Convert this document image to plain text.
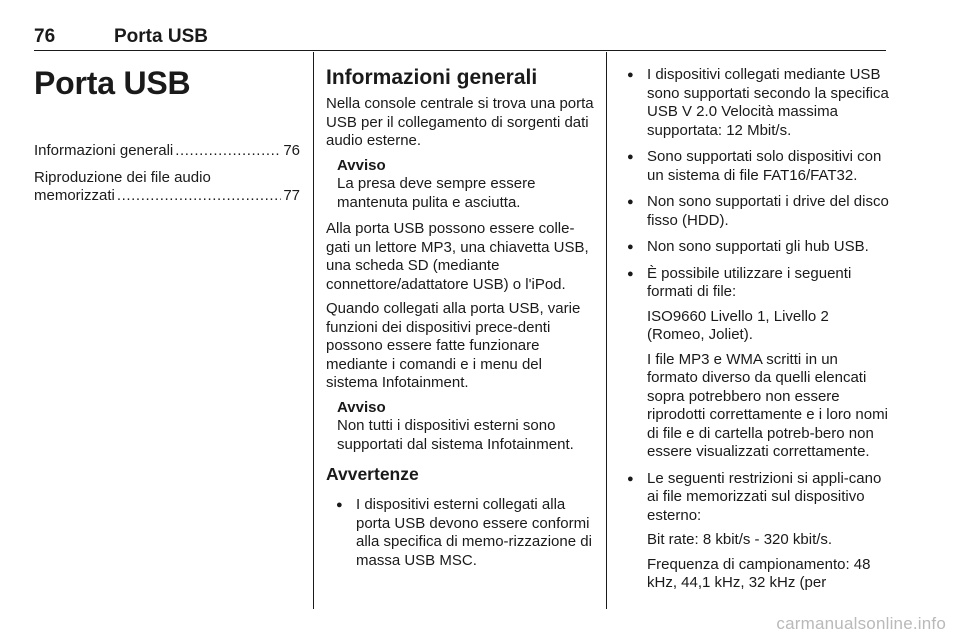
76	Porta USB
Porta USB
Informazioni generali .....	76
Riproduzione dei file audio
memorizzati .....	77
Informazioni generali

Nella console centrale si trova una porta USB per il collegamento di sorgenti dati audio esterne.

Avviso
La presa deve sempre essere mantenuta pulita e asciutta.

Alla porta USB possono essere colle-gati un lettore MP3, una chiavetta USB, una scheda SD (mediante connettore/adattatore USB) o l'iPod.

Quando collegati alla porta USB, varie funzioni dei dispositivi prece-denti possono essere fatte funzionare mediante i comandi e i menu del sistema Infotainment.

Avviso
Non tutti i dispositivi esterni sono supportati dal sistema Infotainment.
Avvertenze
● I dispositivi esterni collegati alla porta USB devono essere conformi alla specifica di memo-rizzazione di massa USB MSC.

● I dispositivi collegati mediante USB sono supportati secondo la specifica USB V 2.0 Velocità massima supportata: 12 Mbit/s.

● Sono supportati solo dispositivi con un sistema di file FAT16/FAT32.

● Non sono supportati i drive del disco fisso (HDD).

● Non sono supportati gli hub USB.

● È possibile utilizzare i seguenti formati di file:

ISO9660 Livello 1, Livello 2 (Romeo, Joliet).

I file MP3 e WMA scritti in un formato diverso da quelli elencati sopra potrebbero non essere riprodotti correttamente e i loro nomi di file e di cartella potreb-bero non essere visualizzati correttamente.

● Le seguenti restrizioni si appli-cano ai file memorizzati sul dispositivo esterno:

Bit rate: 8 kbit/s - 320 kbit/s.

Frequenza di campionamento: 48 kHz, 44,1 kHz, 32 kHz (per

carmanualsonline.info
